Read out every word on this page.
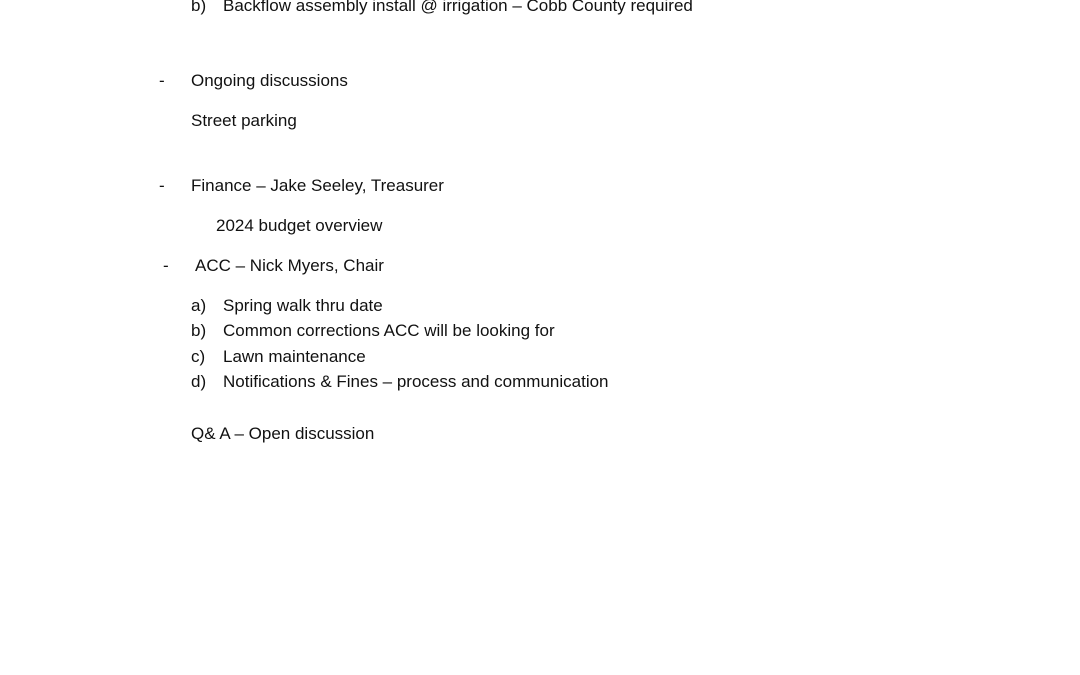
b) Backflow assembly install @ irrigation – Cobb County required
- Ongoing discussions
Street parking
- Finance – Jake Seeley, Treasurer
2024 budget overview
- ACC – Nick Myers, Chair
a) Spring walk thru date
b) Common corrections ACC will be looking for
c) Lawn maintenance
d) Notifications & Fines – process and communication
Q& A – Open discussion
